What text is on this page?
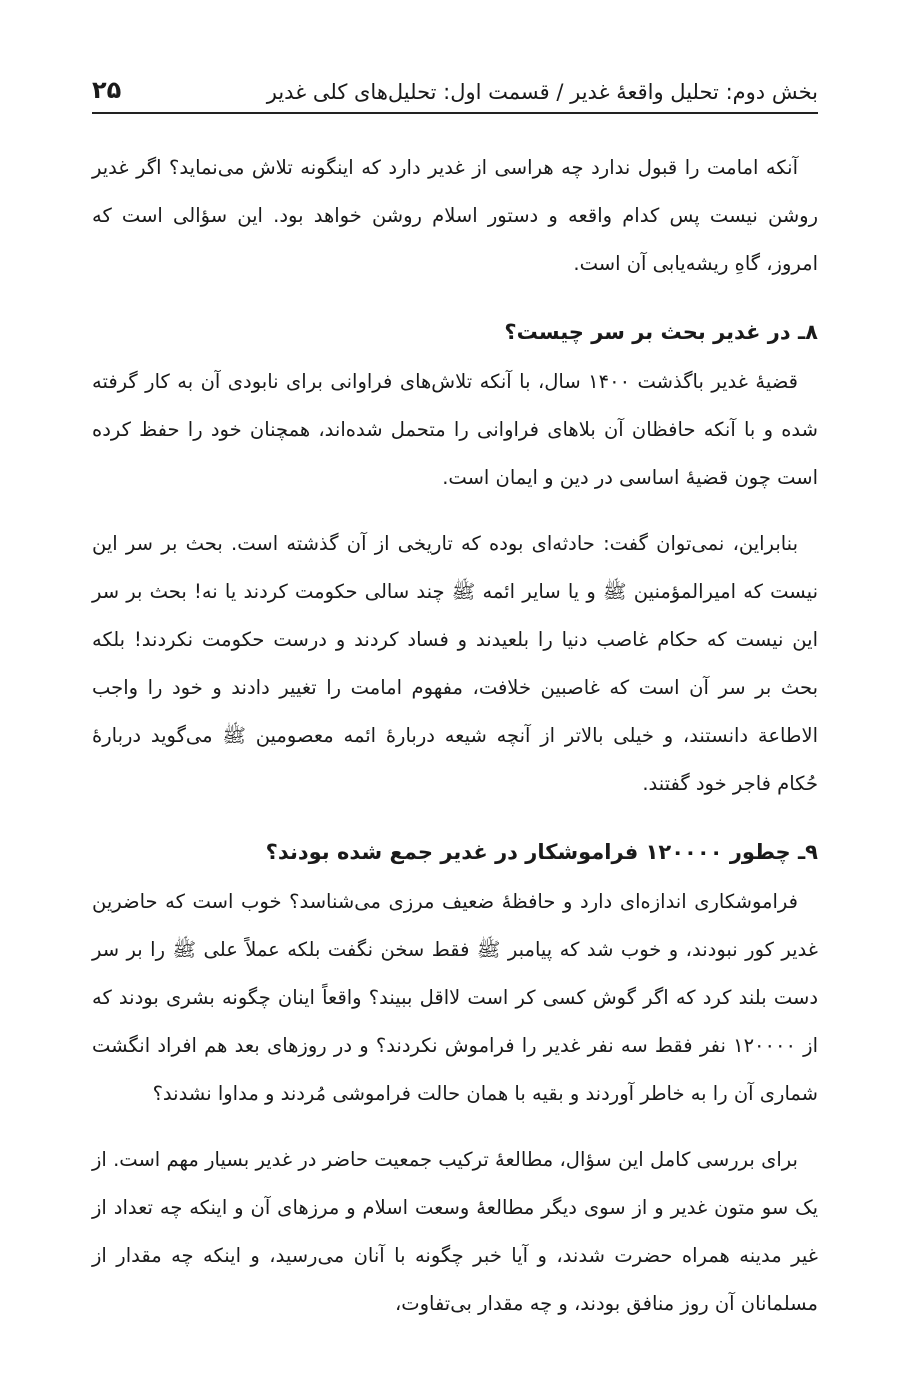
بخش دوم: تحلیل واقعۀ غدیر / قسمت اول: تحلیل‌های کلی غدیر
۲۵

آنکه امامت را قبول ندارد چه هراسی از غدیر دارد که اینگونه تلاش می‌نماید؟ اگر غدیر روشن نیست پس کدام واقعه و دستور اسلام روشن خواهد بود. این سؤالی است که امروز، گاهِ ریشه‌یابی آن است.

۸ـ در غدیر بحث بر سر چیست؟

قضیۀ غدیر باگذشت ۱۴۰۰ سال، با آنکه تلاش‌های فراوانی برای نابودی آن به کار گرفته شده و با آنکه حافظان آن بلاهای فراوانی را متحمل شده‌اند، همچنان خود را حفظ کرده است چون قضیۀ اساسی در دین و ایمان است.

بنابراین، نمی‌توان گفت: حادثه‌ای بوده که تاریخی از آن گذشته است. بحث بر سر این نیست که امیرالمؤمنین ﷺ و یا سایر ائمه ﷺ چند سالی حکومت کردند یا نه! بحث بر سر این نیست که حکام غاصب دنیا را بلعیدند و فساد کردند و درست حکومت نکردند! بلکه بحث بر سر آن است که غاصبین خلافت، مفهوم امامت را تغییر دادند و خود را واجب الاطاعة دانستند، و خیلی بالاتر از آنچه شیعه دربارۀ ائمه معصومین ﷺ می‌گوید دربارۀ حُکام فاجر خود گفتند.

۹ـ چطور ۱۲۰۰۰۰ فراموشکار در غدیر جمع شده بودند؟

فراموشکاری اندازه‌ای دارد و حافظۀ ضعیف مرزی می‌شناسد؟ خوب است که حاضرین غدیر کور نبودند، و خوب شد که پیامبر ﷺ فقط سخن نگفت بلکه عملاً علی ﷺ را بر سر دست بلند کرد که اگر گوش کسی کر است لااقل ببیند؟ واقعاً اینان چگونه بشری بودند که از ۱۲۰۰۰۰ نفر فقط سه نفر غدیر را فراموش نکردند؟ و در روزهای بعد هم افراد انگشت شماری آن را به خاطر آوردند و بقیه با همان حالت فراموشی مُردند و مداوا نشدند؟

برای بررسی کامل این سؤال، مطالعۀ ترکیب جمعیت حاضر در غدیر بسیار مهم است. از یک سو متون غدیر و از سوی دیگر مطالعۀ وسعت اسلام و مرزهای آن و اینکه چه تعداد از غیر مدینه همراه حضرت شدند، و آیا خبر چگونه با آنان می‌رسید، و اینکه چه مقدار از مسلمانان آن روز منافق بودند، و چه مقدار بی‌تفاوت،
